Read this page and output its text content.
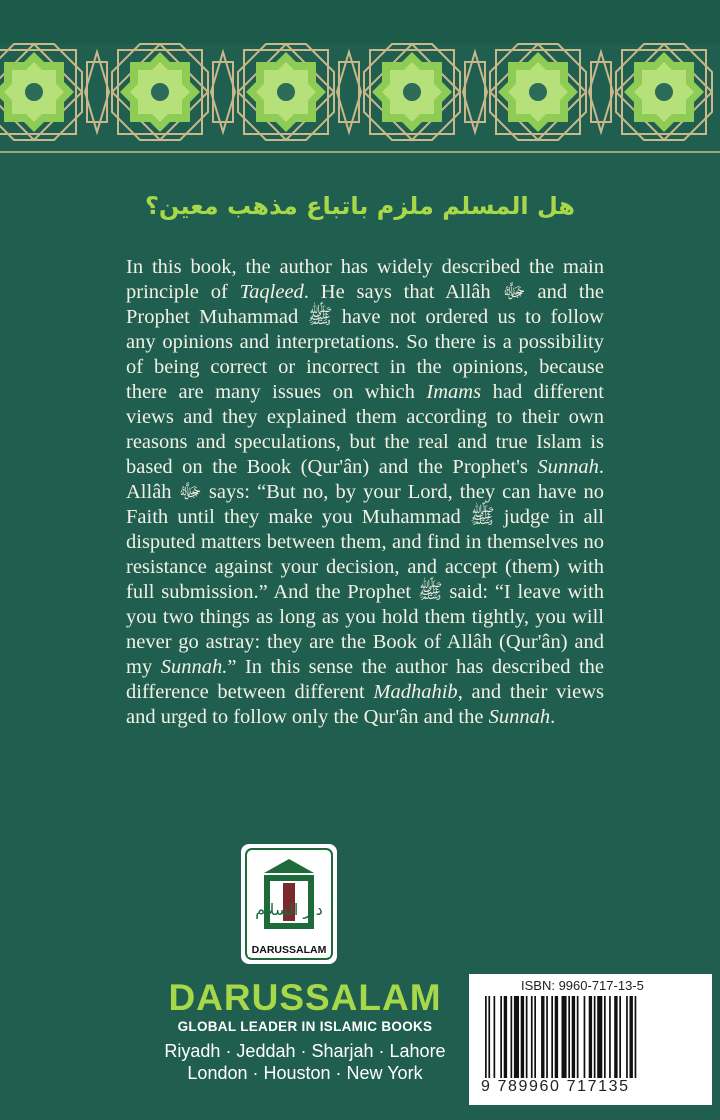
هل المسلم ملزم باتباع مذهب معين؟

In this book, the author has widely described the main principle of Taqleed. He says that Allâh ﷻ and the Prophet Muhammad ﷺ have not ordered us to follow any opinions and interpretations. So there is a possibility of being correct or incorrect in the opinions, because there are many issues on which Imams had different views and they explained them according to their own reasons and speculations, but the real and true Islam is based on the Book (Qur'ân) and the Prophet's Sunnah. Allâh ﷻ says: “But no, by your Lord, they can have no Faith until they make you Muhammad ﷺ judge in all disputed matters between them, and find in themselves no resistance against your decision, and accept (them) with full submission.” And the Prophet ﷺ said: “I leave with you two things as long as you hold them tightly, you will never go astray: they are the Book of Allâh (Qur'ân) and my Sunnah.” In this sense the author has described the difference between different Madhahib, and their views and urged to follow only the Qur'ân and the Sunnah.

دار السلام
DARUSSALAM
DARUSSALAM
GLOBAL LEADER IN ISLAMIC BOOKS
Riyadh · Jeddah · Sharjah · Lahore
London · Houston · New York
ISBN: 9960-717-13-5
9 789960 717135
